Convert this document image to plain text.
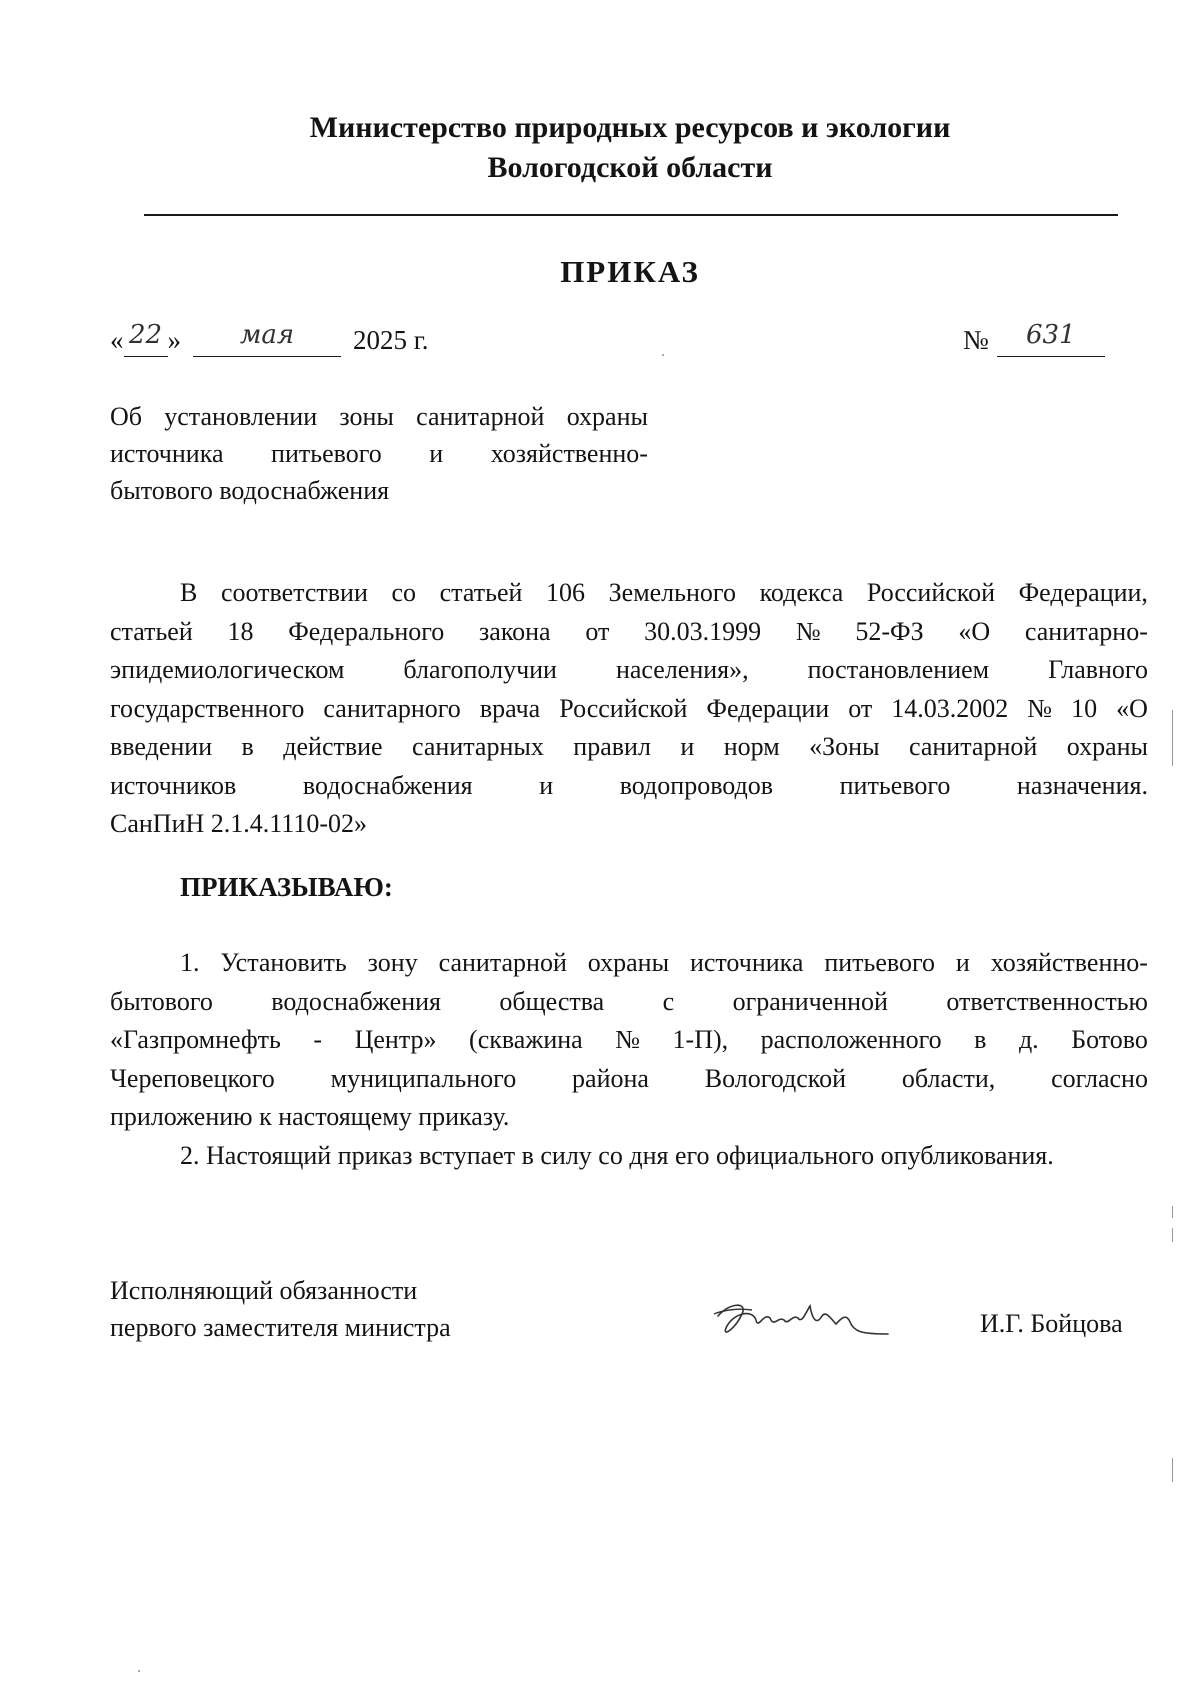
Министерство природных ресурсов и экологии
Вологодской области
ПРИКАЗ
« 22 » мая 2025 г.	№ 631
Об установлении зоны санитарной охраны
источника питьевого и хозяйственно-
бытового водоснабжения
В соответствии со статьей 106 Земельного кодекса Российской Федерации,
статьей 18 Федерального закона от 30.03.1999 № 52-ФЗ «О санитарно-
эпидемиологическом благополучии населения», постановлением Главного
государственного санитарного врача Российской Федерации от 14.03.2002 № 10 «О
введении в действие санитарных правил и норм «Зоны санитарной охраны
источников	водоснабжения	и	водопроводов	питьевого	назначения.
СанПиН 2.1.4.1110-02»
ПРИКАЗЫВАЮ:
1. Установить зону санитарной охраны источника питьевого и хозяйственно-
бытового водоснабжения общества с ограниченной ответственностью
«Газпромнефть - Центр» (скважина № 1-П), расположенного в д. Ботово
Череповецкого муниципального района Вологодской области, согласно
приложению к настоящему приказу.
2. Настоящий приказ вступает в силу со дня его официального опубликования.
Исполняющий обязанности
первого заместителя министра	И.Г. Бойцова
